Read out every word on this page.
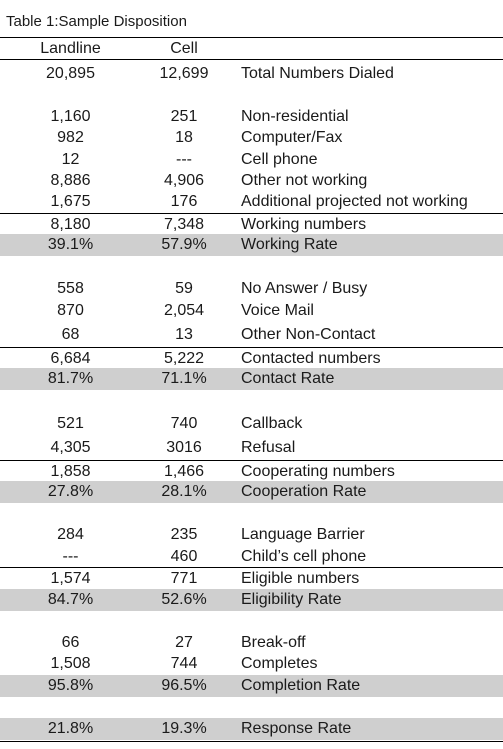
Table 1:Sample Disposition
Landline	Cell
20,895	12,699	Total Numbers Dialed
1,160	251	Non-residential
982	18	Computer/Fax
12	---	Cell phone
8,886	4,906	Other not working
1,675	176	Additional projected not working
8,180	7,348	Working numbers
39.1%	57.9%	Working Rate
558	59	No Answer / Busy
870	2,054	Voice Mail
68	13	Other Non-Contact
6,684	5,222	Contacted numbers
81.7%	71.1%	Contact Rate
521	740	Callback
4,305	3016	Refusal
1,858	1,466	Cooperating numbers
27.8%	28.1%	Cooperation Rate
284	235	Language Barrier
---	460	Child’s cell phone
1,574	771	Eligible numbers
84.7%	52.6%	Eligibility Rate
66	27	Break-off
1,508	744	Completes
95.8%	96.5%	Completion Rate
21.8%	19.3%	Response Rate
